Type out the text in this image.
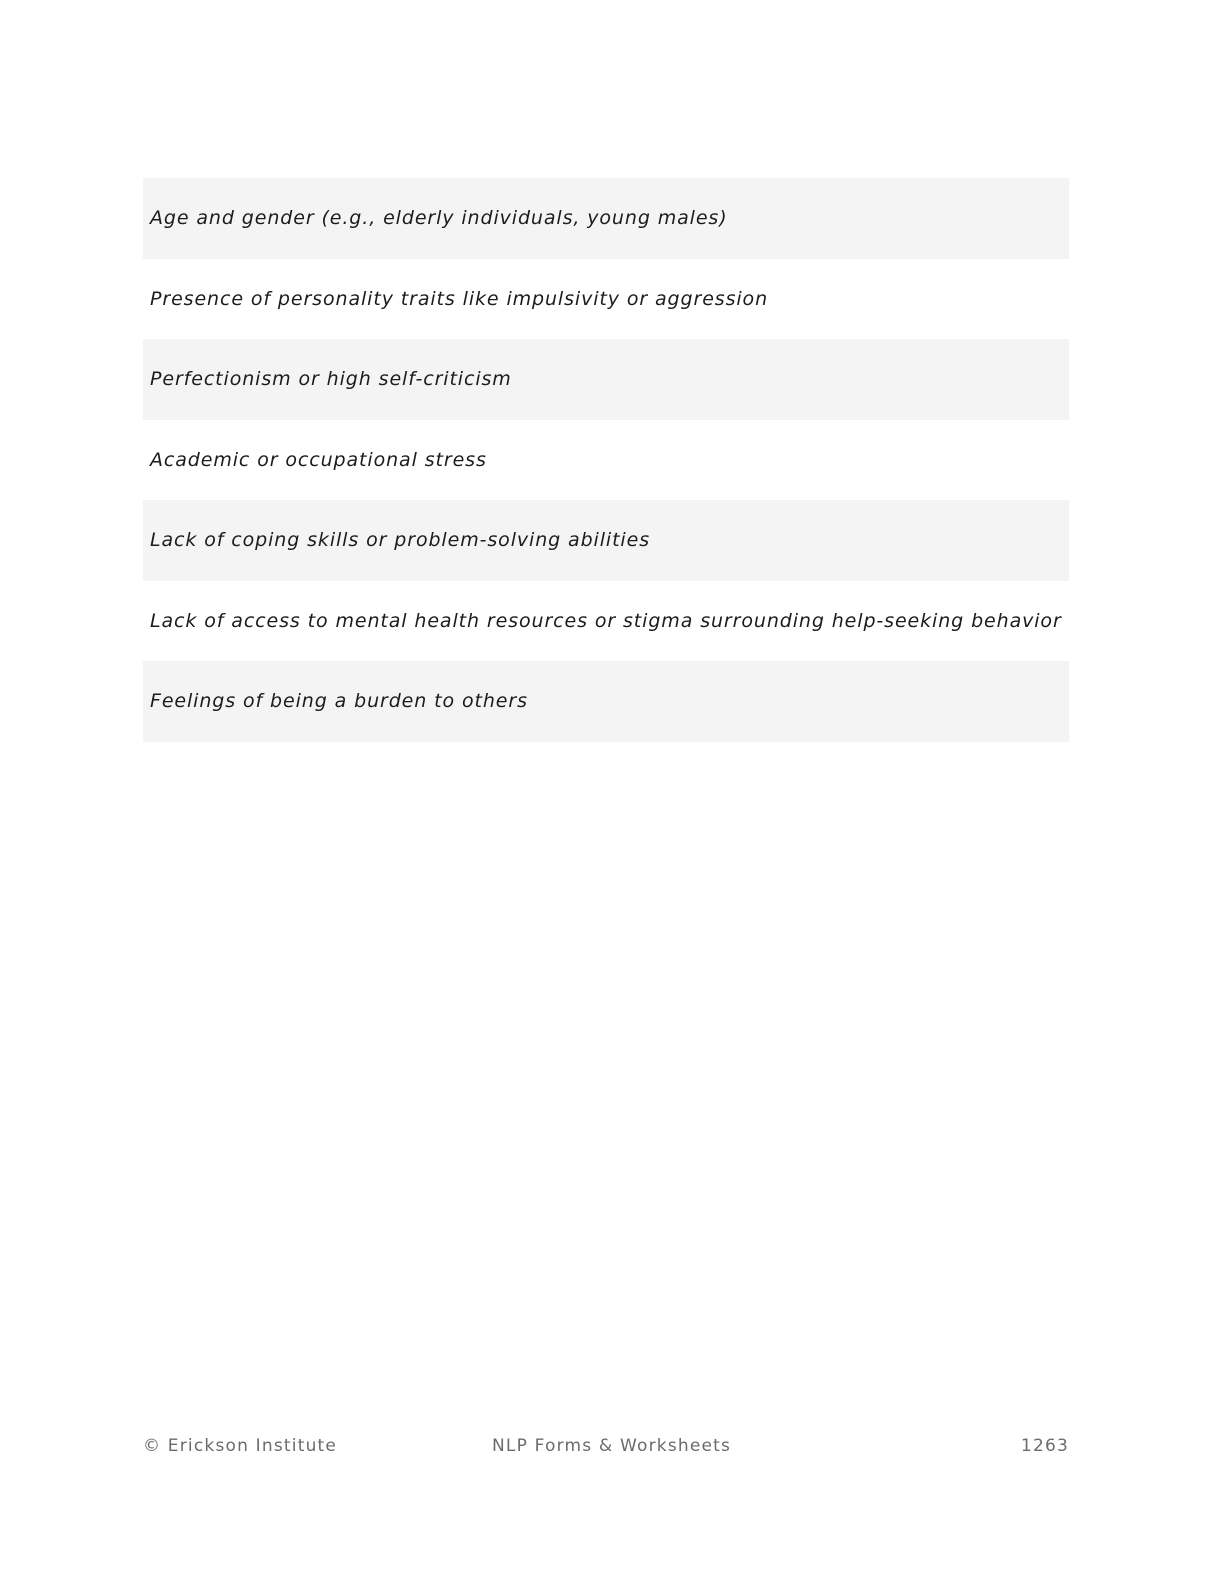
Age and gender (e.g., elderly individuals, young males)
Presence of personality traits like impulsivity or aggression
Perfectionism or high self-criticism
Academic or occupational stress
Lack of coping skills or problem-solving abilities
Lack of access to mental health resources or stigma surrounding help-seeking behavior
Feelings of being a burden to others
© Erickson Institute	NLP Forms & Worksheets	1263
